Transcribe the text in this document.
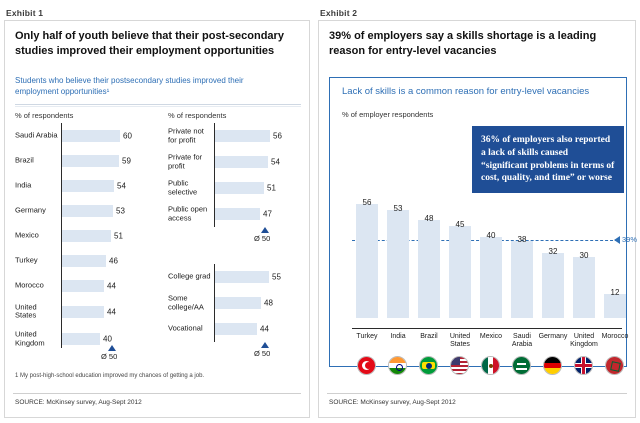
Exhibit 1	Exhibit 2
Only half of youth believe that their post-secondary studies improved their employment opportunities
Students who believe their postsecondary studies improved their employment opportunities¹
% of respondents	% of respondents
Saudi Arabia	60
Brazil	59
India	54
Germany	53
Mexico	51
Turkey	46
Morocco	44
United States	44
United Kingdom	40
Ø 50
Private not for profit	56
Private for profit	54
Public selective	51
Public open access	47
Ø 50
College grad	55
Some college/AA	48
Vocational	44
Ø 50
1 My post-high-school education improved my chances of getting a job.
SOURCE: McKinsey survey, Aug-Sept 2012
39% of employers say a skills shortage is a leading reason for entry-level vacancies
Lack of skills is a common reason for entry-level vacancies
% of employer respondents
36% of employers also reported a lack of skills caused “significant problems in terms of cost, quality, and time” or worse
39%
56
Turkey
53
India
48
Brazil
45
United States
40
Mexico
38
Saudi Arabia
32
Germany
30
United Kingdom
12
Morocco
SOURCE: McKinsey survey, Aug-Sept 2012
